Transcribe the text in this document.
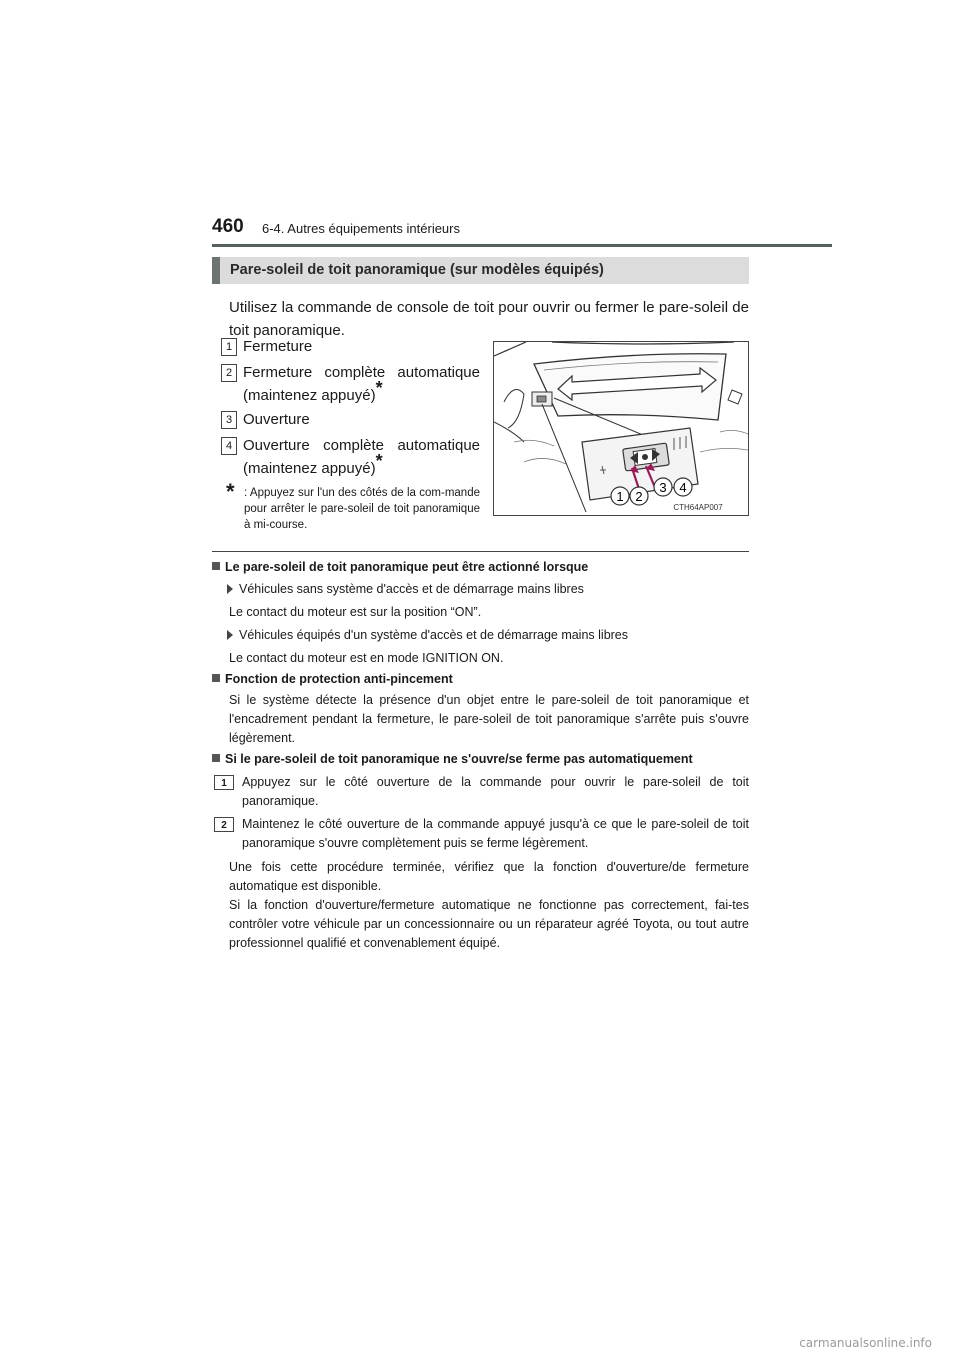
460 6-4. Autres équipements intérieurs
Pare-soleil de toit panoramique (sur modèles équipés)
Utilisez la commande de console de toit pour ouvrir ou fermer le pare-soleil de toit panoramique.
1 Fermeture
2 Fermeture complète automatique (maintenez appuyé)*
3 Ouverture
4 Ouverture complète automatique (maintenez appuyé)*
* : Appuyez sur l'un des côtés de la com-mande pour arrêter le pare-soleil de toit panoramique à mi-course.
1 2
3 4
CTH64AP007
Le pare-soleil de toit panoramique peut être actionné lorsque
Véhicules sans système d'accès et de démarrage mains libres
Le contact du moteur est sur la position “ON”.
Véhicules équipés d'un système d'accès et de démarrage mains libres
Le contact du moteur est en mode IGNITION ON.
Fonction de protection anti-pincement
Si le système détecte la présence d'un objet entre le pare-soleil de toit panoramique et l'encadrement pendant la fermeture, le pare-soleil de toit panoramique s'arrête puis s'ouvre légèrement.
Si le pare-soleil de toit panoramique ne s'ouvre/se ferme pas automatiquement
1	Appuyez sur le côté ouverture de la commande pour ouvrir le pare-soleil de toit panoramique.
2	Maintenez le côté ouverture de la commande appuyé jusqu'à ce que le pare-soleil de toit panoramique s'ouvre complètement puis se ferme légèrement.
Une fois cette procédure terminée, vérifiez que la fonction d'ouverture/de fermeture automatique est disponible.
Si la fonction d'ouverture/fermeture automatique ne fonctionne pas correctement, fai-tes contrôler votre véhicule par un concessionnaire ou un réparateur agréé Toyota, ou tout autre professionnel qualifié et convenablement équipé.
carmanualsonline.info
